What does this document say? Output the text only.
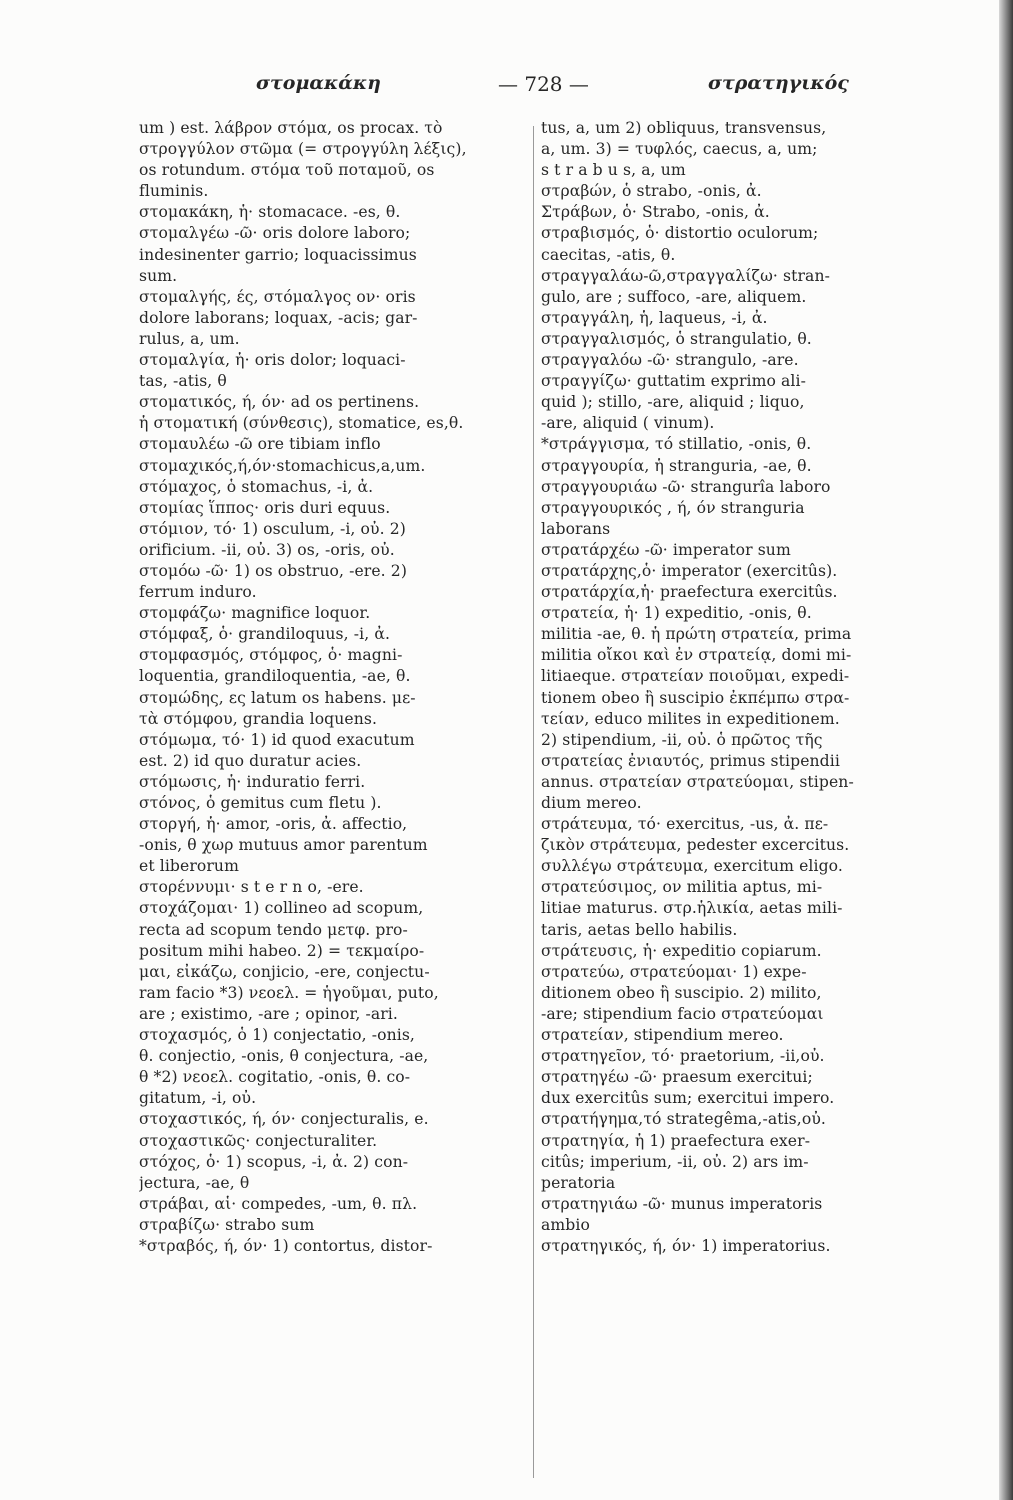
στομακάκη	— 728 —	στρατηγικός
um ) est. λάβρον στόμα, os procax. τὸ
στρογγύλον στῶμα (= στρογγύλη λέξις),
os rotundum. στόμα τοῦ ποταμοῦ, os
fluminis.
στομακάκη, ἡ· stomacace. -es, θ.
στομαλγέω -ῶ· oris dolore laboro;
indesinenter garrio; loquacissimus
sum.
στομαλγής, ές, στόμαλγος ον· oris
dolore laborans; loquax, -acis; gar-
rulus, a, um.
στομαλγία, ἡ· oris dolor; loquaci-
tas, -atis, θ
στοματικός, ή, όν· ad os pertinens.
ἡ στοματική (σύνθεσις), stomatice, es,θ.
στομαυλέω -ῶ ore tibiam inflo
στομαχικός,ή,όν·stomachicus,a,um.
στόμαχος, ὁ stomachus, -i, ἀ.
στομίας ἵππος· oris duri equus.
στόμιον, τό· 1) osculum, -i, οὐ. 2)
orificium. -ii, οὐ. 3) os, -oris, οὐ.
στομόω -ῶ· 1) os obstruo, -ere. 2)
ferrum induro.
στομφάζω· magnifice loquor.
στόμφαξ, ὁ· grandiloquus, -i, ἀ.
στομφασμός, στόμφος, ὁ· magni-
loquentia, grandiloquentia, -ae, θ.
στομώδης, ες latum os habens. με-
τὰ στόμφου, grandia loquens.
στόμωμα, τό· 1) id quod exacutum
est. 2) id quo duratur acies.
στόμωσις, ἡ· induratio ferri.
στόνος, ὁ gemitus cum fletu ).
στοργή, ἡ· amor, -oris, ἀ. affectio,
-onis, θ χωρ mutuus amor parentum
et liberorum
στορέννυμι· s t e r n o, -ere.
στοχάζομαι· 1) collineo ad scopum,
recta ad scopum tendo μετφ. pro-
positum mihi habeo. 2) = τεκμαίρο-
μαι, εἰκάζω, conjicio, -ere, conjectu-
ram facio *3) νεοελ. = ἡγοῦμαι, puto,
are ; existimo, -are ; opinor, -ari.
στοχασμός, ὁ 1) conjectatio, -onis,
θ. conjectio, -onis, θ conjectura, -ae,
θ *2) νεοελ. cogitatio, -onis, θ. co-
gitatum, -i, οὐ.
στοχαστικός, ή, όν· conjecturalis, e.
στοχαστικῶς· conjecturaliter.
στόχος, ὁ· 1) scopus, -i, ἀ. 2) con-
jectura, -ae, θ
στράβαι, αἱ· compedes, -um, θ. πλ.
στραβίζω· strabo sum
*στραβός, ή, όν· 1) contortus, distor-
tus, a, um 2) obliquus, transvensus,
a, um. 3) = τυφλός, caecus, a, um;
s t r a b u s, a, um
στραβών, ὁ strabo, -onis, ἀ.
Στράβων, ὁ· Strabo, -onis, ἀ.
στραβισμός, ὁ· distortio oculorum;
caecitas, -atis, θ.
στραγγαλάω-ῶ,στραγγαλίζω· stran-
gulo, are ; suffoco, -are, aliquem.
στραγγάλη, ἡ, laqueus, -i, ἀ.
στραγγαλισμός, ὁ strangulatio, θ.
στραγγαλόω -ῶ· strangulo, -are.
στραγγίζω· guttatim exprimo ali-
quid ); stillo, -are, aliquid ; liquo,
-are, aliquid ( vinum).
*στράγγισμα, τό stillatio, -onis, θ.
στραγγουρία, ἡ stranguria, -ae, θ.
στραγγουριάω -ῶ· strangurîa laboro
στραγγουρικός , ή, όν stranguria
laborans
στρατάρχέω -ῶ· imperator sum
στρατάρχης,ὁ· imperator (exercitûs).
στρατάρχία,ἡ· praefectura exercitûs.
στρατεία, ἡ· 1) expeditio, -onis, θ.
militia -ae, θ. ἡ πρώτη στρατεία, prima
militia οἴκοι καὶ ἐν στρατείᾳ, domi mi-
litiaeque. στρατείαν ποιοῦμαι, expedi-
tionem obeo ἢ suscipio ἐκπέμπω στρα-
τείαν, educo milites in expeditionem.
2) stipendium, -ii, οὐ. ὁ πρῶτος τῆς
στρατείας ἐνιαυτός, primus stipendii
annus. στρατείαν στρατεύομαι, stipen-
dium mereo.
στράτευμα, τό· exercitus, -us, ἀ. πε-
ζικὸν στράτευμα, pedester excercitus.
συλλέγω στράτευμα, exercitum eligo.
στρατεύσιμος, ον militia aptus, mi-
litiae maturus. στρ.ἡλικία, aetas mili-
taris, aetas bello habilis.
στράτευσις, ἡ· expeditio copiarum.
στρατεύω, στρατεύομαι· 1) expe-
ditionem obeo ἢ suscipio. 2) milito,
-are; stipendium facio στρατεύομαι
στρατείαν, stipendium mereo.
στρατηγεῖον, τό· praetorium, -ii,οὐ.
στρατηγέω -ῶ· praesum exercitui;
dux exercitûs sum; exercitui impero.
στρατήγημα,τό strategêma,-atis,οὐ.
στρατηγία, ἡ 1) praefectura exer-
citûs; imperium, -ii, οὐ. 2) ars im-
peratoria
στρατηγιάω -ῶ· munus imperatoris
ambio
στρατηγικός, ή, όν· 1) imperatorius.
